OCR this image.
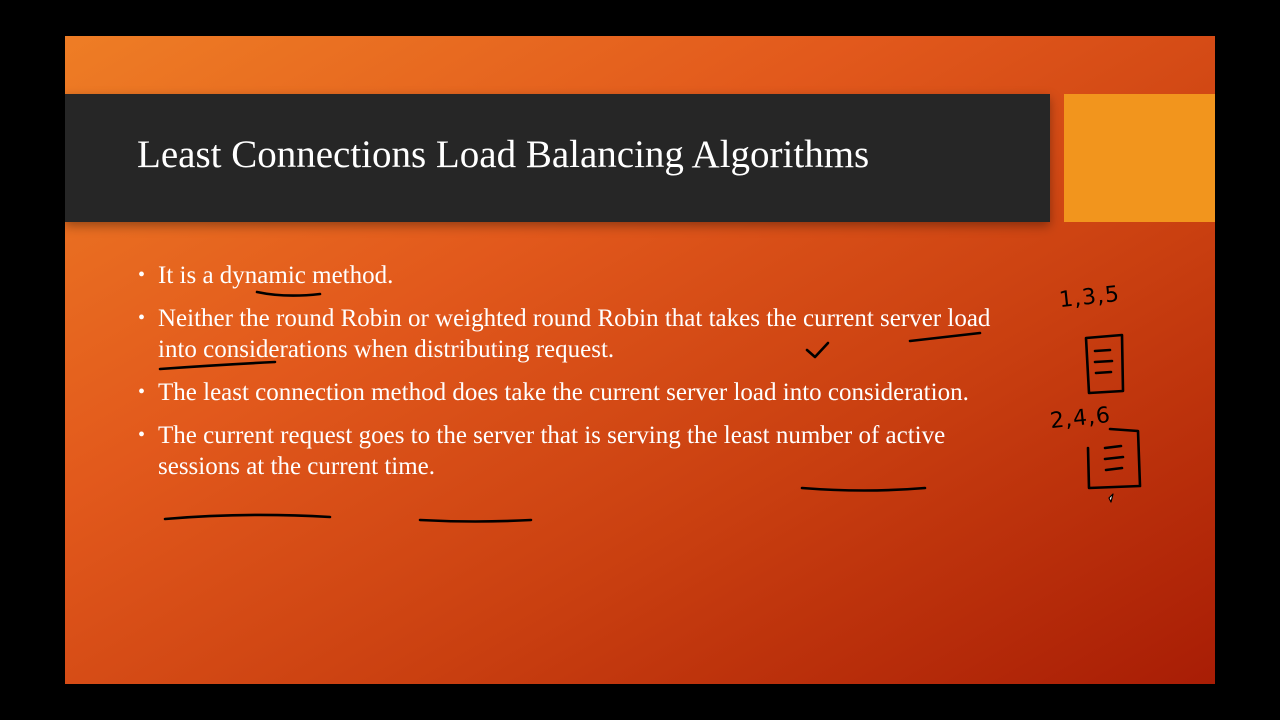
Least Connections Load Balancing Algorithms
• It is a dynamic method.
• Neither the round Robin or weighted round Robin that takes the current server load into considerations when distributing request.
• The least connection method does take the current server load into consideration.
• The current request goes to the server that is serving the least number of active sessions at the current time.
1,3,5
2,4,6
